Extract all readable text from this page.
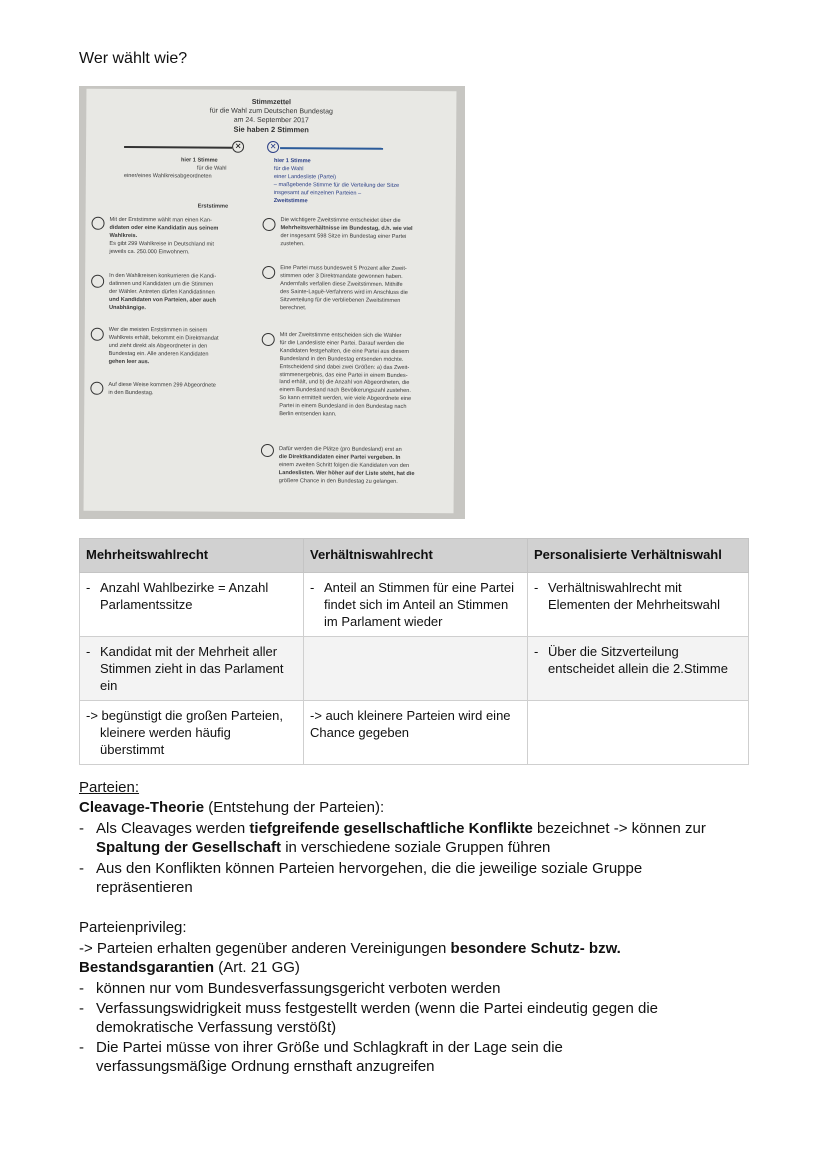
Wer wählt wie?
Stimmzettel
für die Wahl zum Deutschen Bundestag
am 24. September 2017
Sie haben 2 Stimmen
✕	✕
hier 1 Stimme
für die Wahl
einer/eines Wahlkreisabgeordneten
hier 1 Stimme
für die Wahl
einer Landesliste (Partei)
– maßgebende Stimme für die Verteilung der Sitze
insgesamt auf einzelnen Parteien –
Zweitstimme
Erststimme
Mit der Erststimme wählt man einen Kan-
didaten oder eine Kandidatin aus seinem
Wahlkreis.
Es gibt 299 Wahlkreise in Deutschland mit
jeweils ca. 250.000 Einwohnern.
In den Wahlkreisen konkurrieren die Kandi-
datinnen und Kandidaten um die Stimmen
der Wähler. Antreten dürfen Kandidatinnen
und Kandidaten von Parteien, aber auch
Unabhängige.
Wer die meisten Erststimmen in seinem
Wahlkreis erhält, bekommt ein Direktmandat
und zieht direkt als Abgeordneter in den
Bundestag ein. Alle anderen Kandidaten
gehen leer aus.
Auf diese Weise kommen 299 Abgeordnete
in den Bundestag.
Die wichtigere Zweitstimme entscheidet über die
Mehrheitsverhältnisse im Bundestag, d.h. wie viel
der insgesamt 598 Sitze im Bundestag einer Partei
zustehen.
Eine Partei muss bundesweit 5 Prozent aller Zweit-
stimmen oder 3 Direktmandate gewonnen haben.
Andernfalls verfallen diese Zweitstimmen. Mithilfe
des Sainte-Laguë-Verfahrens wird im Anschluss die
Sitzverteilung für die verbliebenen Zweitstimmen
berechnet.
Mit der Zweitstimme entscheiden sich die Wähler
für die Landesliste einer Partei. Darauf werden die
Kandidaten festgehalten, die eine Partei aus diesem
Bundesland in den Bundestag entsenden möchte.
Entscheidend sind dabei zwei Größen: a) das Zweit-
stimmenergebnis, das eine Partei in einem Bundes-
land erhält, und b) die Anzahl von Abgeordneten, die
einem Bundesland nach Bevölkerungszahl zustehen.
So kann ermittelt werden, wie viele Abgeordnete eine
Partei in einem Bundesland in den Bundestag nach
Berlin entsenden kann.
Dafür werden die Plätze (pro Bundesland) erst an
die Direktkandidaten einer Partei vergeben. In
einem zweiten Schritt folgen die Kandidaten von den
Landeslisten. Wer höher auf der Liste steht, hat die
größere Chance in den Bundestag zu gelangen.
Mehrheitswahlrecht	Verhältniswahlrecht	Personalisierte Verhältniswahl

- Anzahl Wahlbezirke = Anzahl Parlamentssitze	- Anteil an Stimmen für eine Partei findet sich im Anteil an Stimmen im Parlament wieder	- Verhältniswahlrecht mit Elementen der Mehrheitswahl

- Kandidat mit der Mehrheit aller Stimmen zieht in das Parlament ein		- Über die Sitzverteilung entscheidet allein die 2.Stimme

-> begünstigt die großen Parteien, kleinere werden häufig überstimmt	-> auch kleinere Parteien wird eine Chance gegeben	

Parteien:
Cleavage-Theorie (Entstehung der Parteien):
- Als Cleavages werden tiefgreifende gesellschaftliche Konflikte bezeichnet -> können zur Spaltung der Gesellschaft in verschiedene soziale Gruppen führen
- Aus den Konflikten können Parteien hervorgehen, die die jeweilige soziale Gruppe repräsentieren
Parteienprivileg:
-> Parteien erhalten gegenüber anderen Vereinigungen besondere Schutz- bzw. Bestandsgarantien (Art. 21 GG)
- können nur vom Bundesverfassungsgericht verboten werden
- Verfassungswidrigkeit muss festgestellt werden (wenn die Partei eindeutig gegen die demokratische Verfassung verstößt)
- Die Partei müsse von ihrer Größe und Schlagkraft in der Lage sein die verfassungsmäßige Ordnung ernsthaft anzugreifen
